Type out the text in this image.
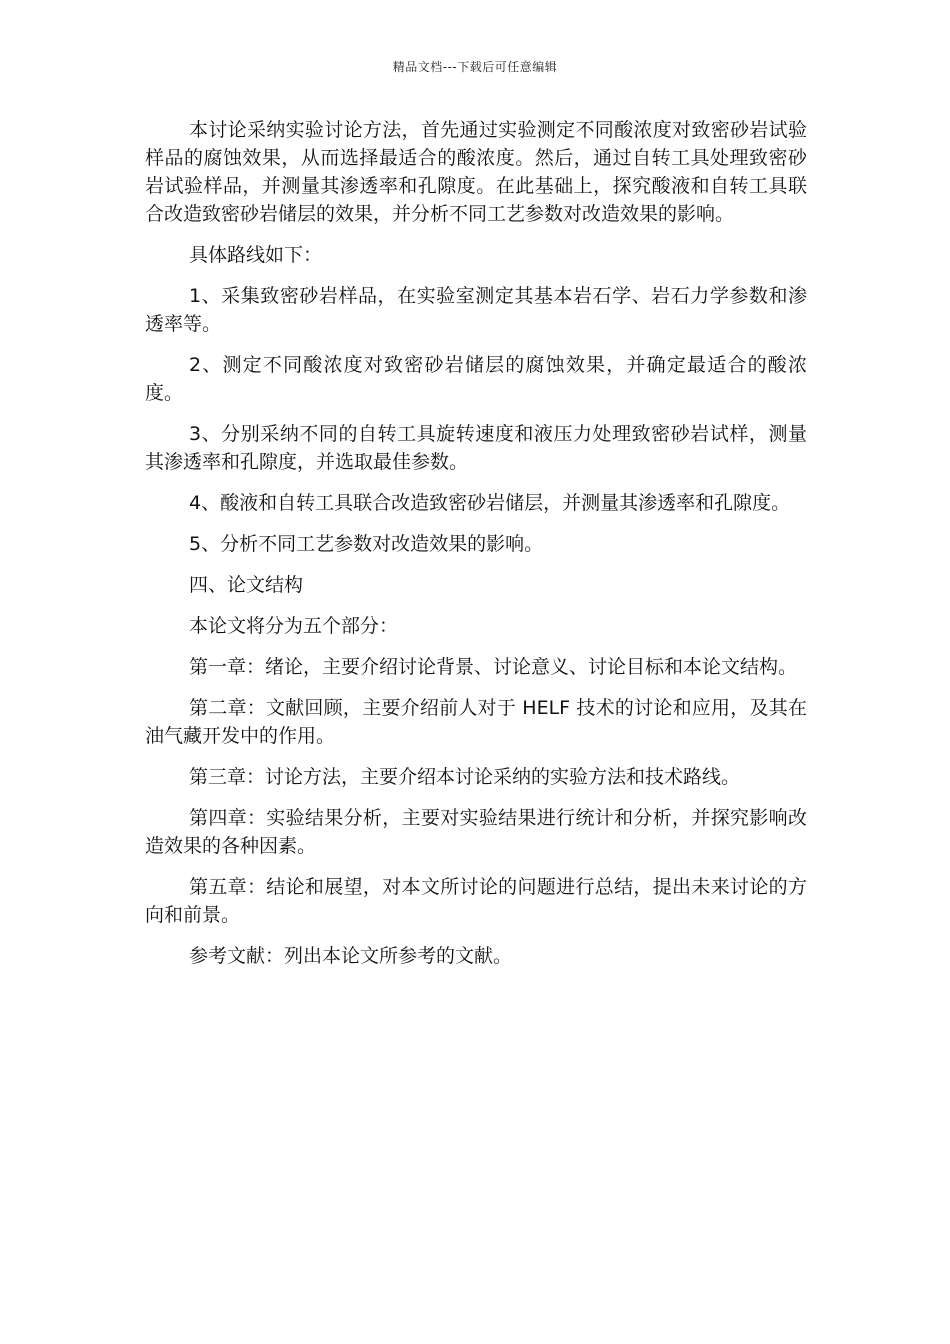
精品文档---下载后可任意编辑

本讨论采纳实验讨论方法，首先通过实验测定不同酸浓度对致密砂岩试验样品的腐蚀效果，从而选择最适合的酸浓度。然后，通过自转工具处理致密砂岩试验样品，并测量其渗透率和孔隙度。在此基础上，探究酸液和自转工具联合改造致密砂岩储层的效果，并分析不同工艺参数对改造效果的影响。

具体路线如下：

1、采集致密砂岩样品，在实验室测定其基本岩石学、岩石力学参数和渗透率等。

2、测定不同酸浓度对致密砂岩储层的腐蚀效果，并确定最适合的酸浓度。

3、分别采纳不同的自转工具旋转速度和液压力处理致密砂岩试样，测量其渗透率和孔隙度，并选取最佳参数。

4、酸液和自转工具联合改造致密砂岩储层，并测量其渗透率和孔隙度。

5、分析不同工艺参数对改造效果的影响。

四、论文结构

本论文将分为五个部分：

第一章：绪论，主要介绍讨论背景、讨论意义、讨论目标和本论文结构。

第二章：文献回顾，主要介绍前人对于 HELF 技术的讨论和应用，及其在油气藏开发中的作用。

第三章：讨论方法，主要介绍本讨论采纳的实验方法和技术路线。

第四章：实验结果分析，主要对实验结果进行统计和分析，并探究影响改造效果的各种因素。

第五章：结论和展望，对本文所讨论的问题进行总结，提出未来讨论的方向和前景。

参考文献：列出本论文所参考的文献。
